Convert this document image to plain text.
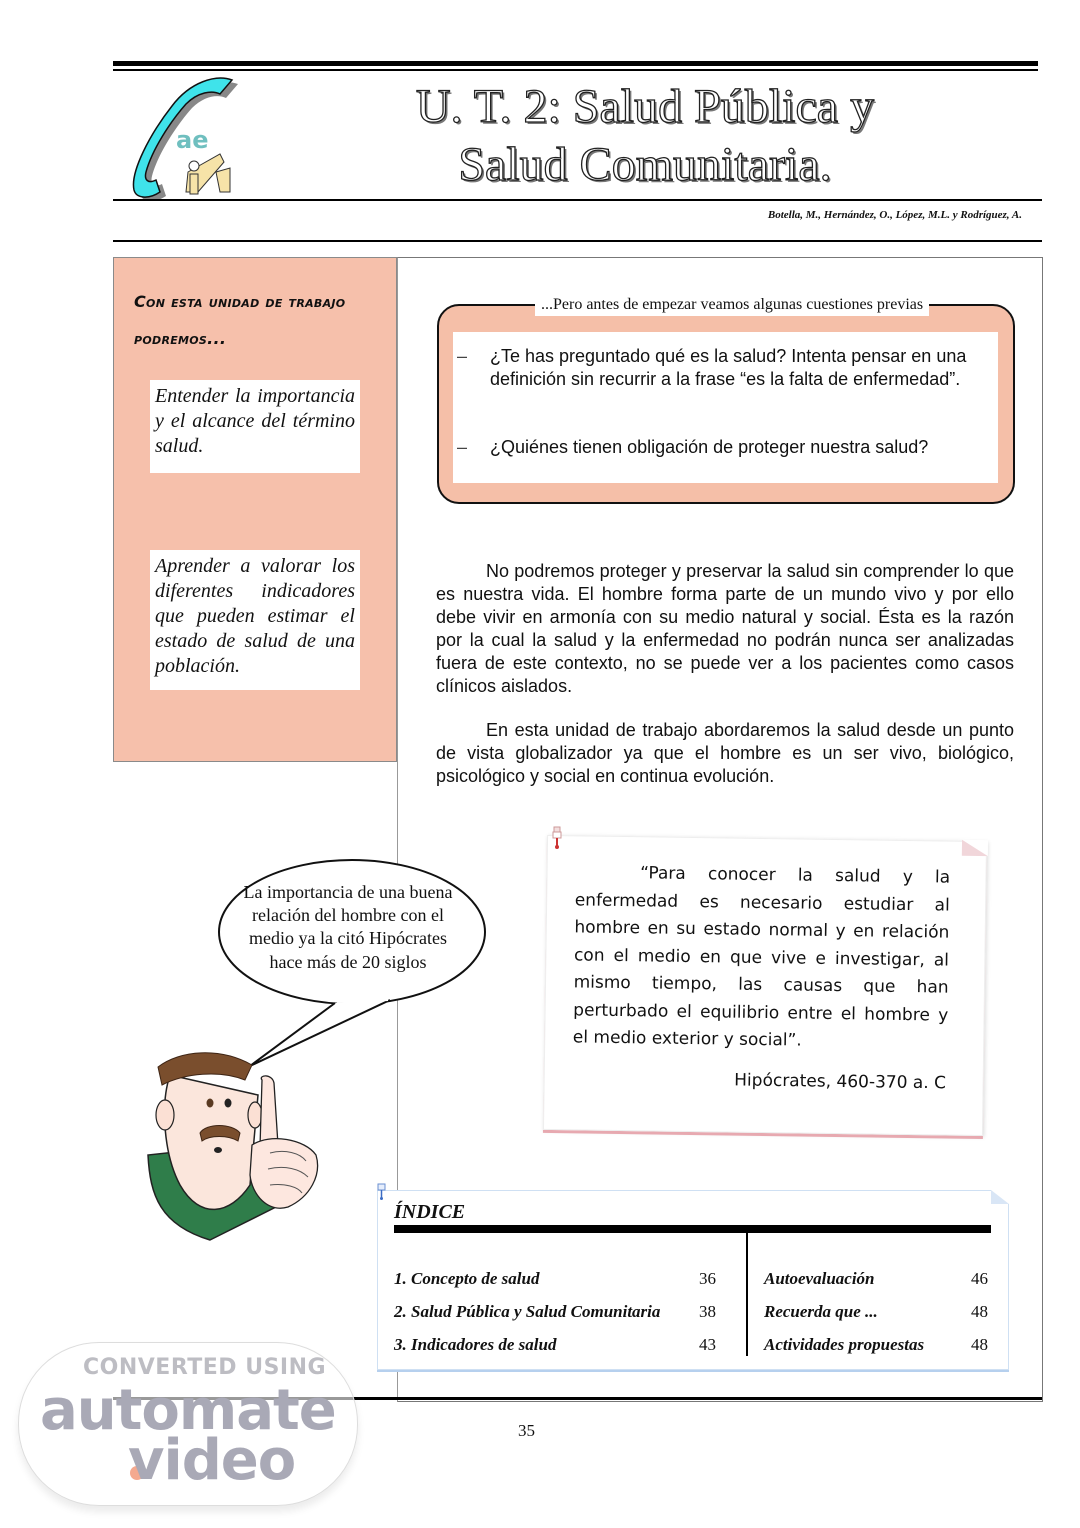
ae
U. T. 2: Salud Pública y
Salud Comunitaria.
Botella, M., Hernández, O., López, M.L. y Rodríguez, A.
Con esta unidad de trabajo podremos...
Entender la importancia y el alcance del término salud.
Aprender a valorar los diferentes indicadores que pueden estimar el estado de salud de una población.
...Pero antes de empezar veamos algunas cuestiones previas
– ¿Te has preguntado qué es la salud? Intenta pensar en una definición sin recurrir a la frase “es la falta de enfermedad”.
– ¿Quiénes tienen obligación de proteger nuestra salud?

No podremos proteger y preservar la salud sin comprender lo que es nuestra vida. El hombre forma parte de un mundo vivo y por ello debe vivir en armonía con su medio natural y social. Ésta es la razón por la cual la salud y la enfermedad no podrán nunca ser analizadas fuera de este contexto, no se puede ver a los pacientes como casos clínicos aislados.

En esta unidad de trabajo abordaremos la salud desde un punto de vista globalizador ya que el hombre es un ser vivo, biológico, psicológico y social en continua evolución.

“Para conocer la salud y la enfermedad es necesario estudiar al hombre en su estado normal y en relación con el medio en que vive e investigar, al mismo tiempo, las causas que han perturbado el equilibrio entre el hombre y el medio exterior y social”.
Hipócrates, 460-370 a. C
La importancia de una buena relación del hombre con el medio ya la citó Hipócrates hace más de 20 siglos
ÍNDICE
1. Concepto de salud	36
2. Salud Pública y Salud Comunitaria 38
3. Indicadores de salud	43
Autoevaluación	46
Recuerda que ...	48
Actividades propuestas	48
35
CONVERTED USING
automate
video
